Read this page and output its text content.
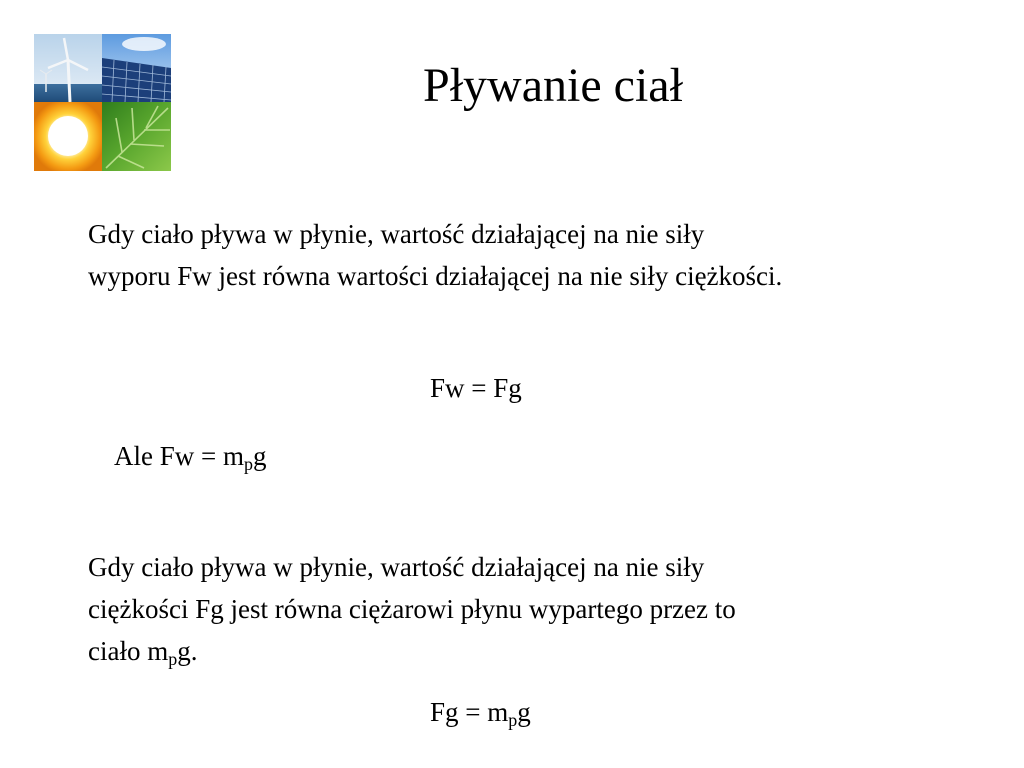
Pływanie ciał
Gdy ciało pływa w płynie, wartość działającej na nie siły
wyporu Fw jest równa wartości działającej na nie siły ciężkości.
Fw = Fg
Ale $Fw = m_pg$
Gdy ciało pływa w płynie, wartość działającej na nie siły
ciężkości Fg jest równa ciężarowi płynu wypartego przez to
ciało $m_pg$.
$Fg = m_pg$
